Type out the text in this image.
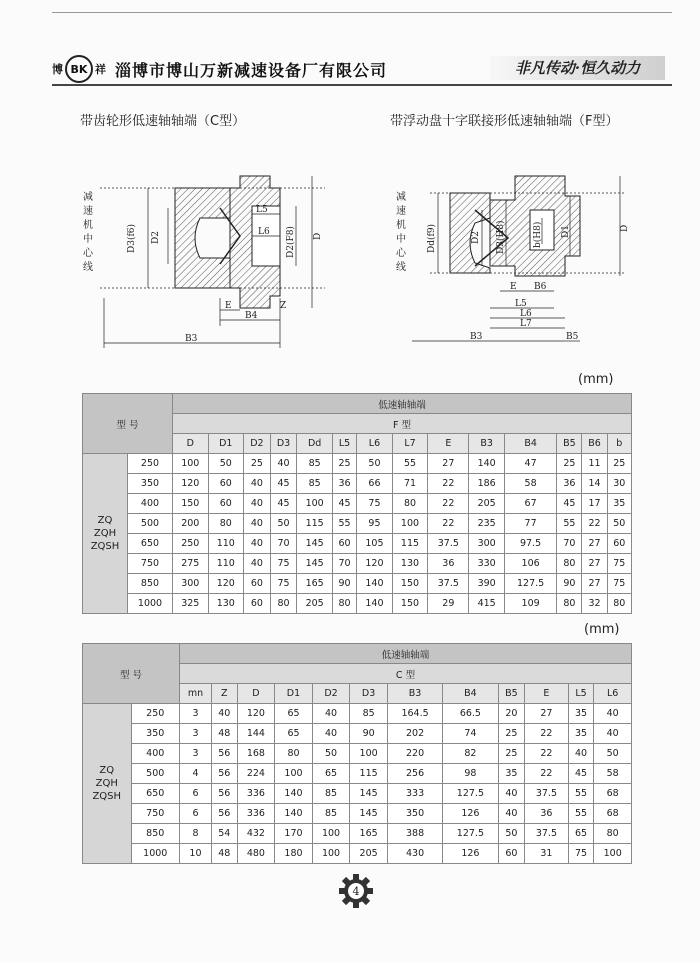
博 BK 祥 淄博市博山万新减速设备厂有限公司	非凡传动·恒久动力
带齿轮形低速轴轴端（C型）	带浮动盘十字联接形低速轴轴端（F型）
减
速
机
中
心
线
D3(f6) D2
L5
L6 D2(F8) D
Z
E
B4
B3
减
速
机
中
心
线
Dd(f9)	D2 D3(H8)	b(H8) D1	D
E B6
L5
L6
L7
B3	B5
(mm)
型 号		低速轴轴端													
		F 型													
		D	D1	D2	D3	Dd	L5	L6	L7	E	B3	B4	B5	B6	b
ZQ
ZQH
ZQSH	250	100	50	25	40	85	25	50	55	27	140	47	25	11	25
	350	120	60	40	45	85	36	66	71	22	186	58	36	14	30
	400	150	60	40	45	100	45	75	80	22	205	67	45	17	35
	500	200	80	40	50	115	55	95	100	22	235	77	55	22	50
	650	250	110	40	70	145	60	105	115	37.5	300	97.5	70	27	60
	750	275	110	40	75	145	70	120	130	36	330	106	80	27	75
	850	300	120	60	75	165	90	140	150	37.5	390	127.5	90	27	75
	1000	325	130	60	80	205	80	140	150	29	415	109	80	32	80
(mm)
型 号		低速轴轴端											
		C 型											
		mn	Z	D	D1	D2	D3	B3	B4	B5	E	L5	L6
ZQ
ZQH
ZQSH	250	3	40	120	65	40	85	164.5	66.5	20	27	35	40
	350	3	48	144	65	40	90	202	74	25	22	35	40
	400	3	56	168	80	50	100	220	82	25	22	40	50
	500	4	56	224	100	65	115	256	98	35	22	45	58
	650	6	56	336	140	85	145	333	127.5	40	37.5	55	68
	750	6	56	336	140	85	145	350	126	40	36	55	68
	850	8	54	432	170	100	165	388	127.5	50	37.5	65	80
	1000	10	48	480	180	100	205	430	126	60	31	75	100
4
